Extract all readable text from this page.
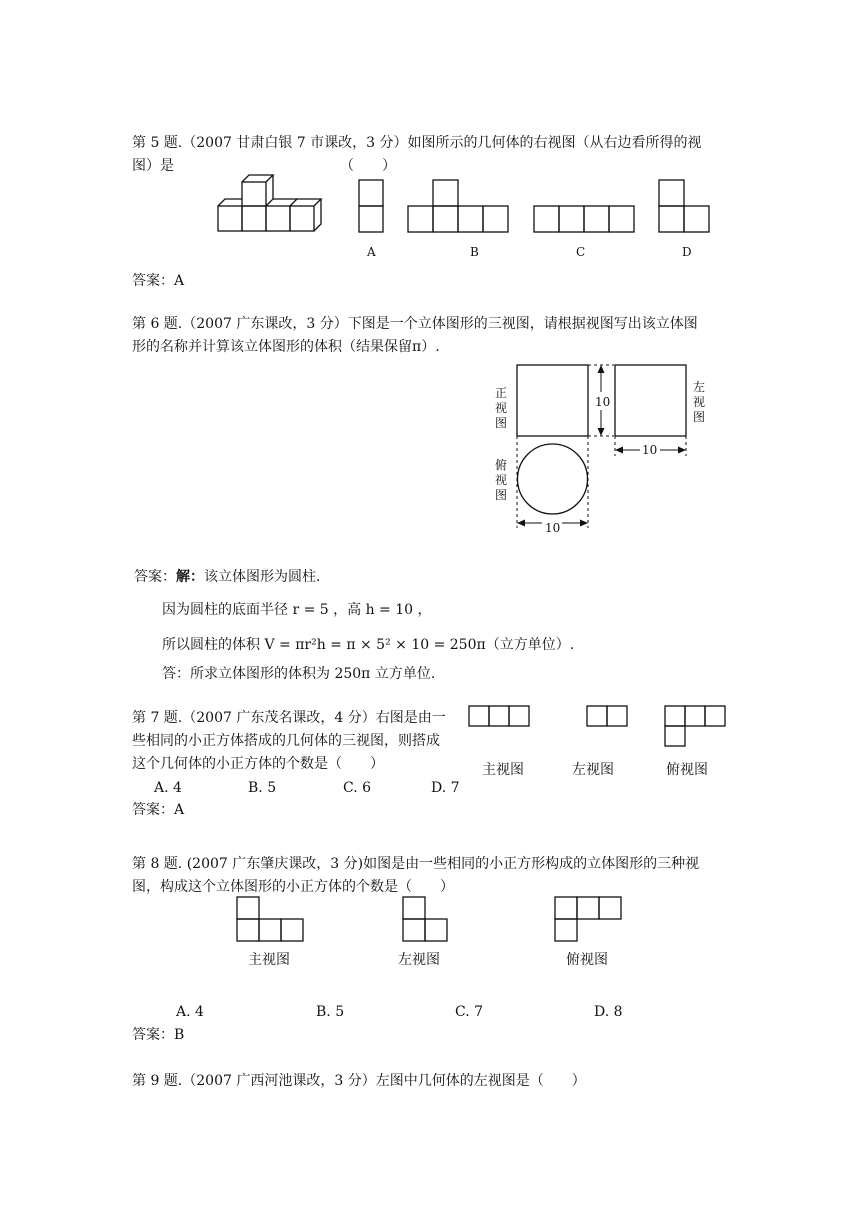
第 5 题.（2007 甘肃白银 7 市课改，3 分）如图所示的几何体的右视图（从右边看所得的视
图）是	（　　）
A	B	C	D
答案：A
第 6 题.（2007 广东课改，3 分）下图是一个立体图形的三视图，请根据视图写出该立体图
形的名称并计算该立体图形的体积（结果保留π）.
10
10
10
正视图
左视图
俯视图
答案：解：该立体图形为圆柱.
因为圆柱的底面半径 r = 5 ，高 h = 10 ，
所以圆柱的体积 V = πr²h = π × 5² × 10 = 250π（立方单位）.
答：所求立体图形的体积为 250π 立方单位.
第 7 题.（2007 广东茂名课改，4 分）右图是由一
些相同的小正方体搭成的几何体的三视图，则搭成
这个几何体的小正方体的个数是（　　）
A. 4	B. 5	C. 6	D. 7
答案：A
主视图	左视图	俯视图
第 8 题. (2007 广东肇庆课改，3 分)如图是由一些相同的小正方形构成的立体图形的三种视
图，构成这个立体图形的小正方体的个数是（　　）
主视图	左视图	俯视图
A. 4	B. 5	C. 7	D. 8
答案：B
第 9 题.（2007 广西河池课改，3 分）左图中几何体的左视图是（　　）
